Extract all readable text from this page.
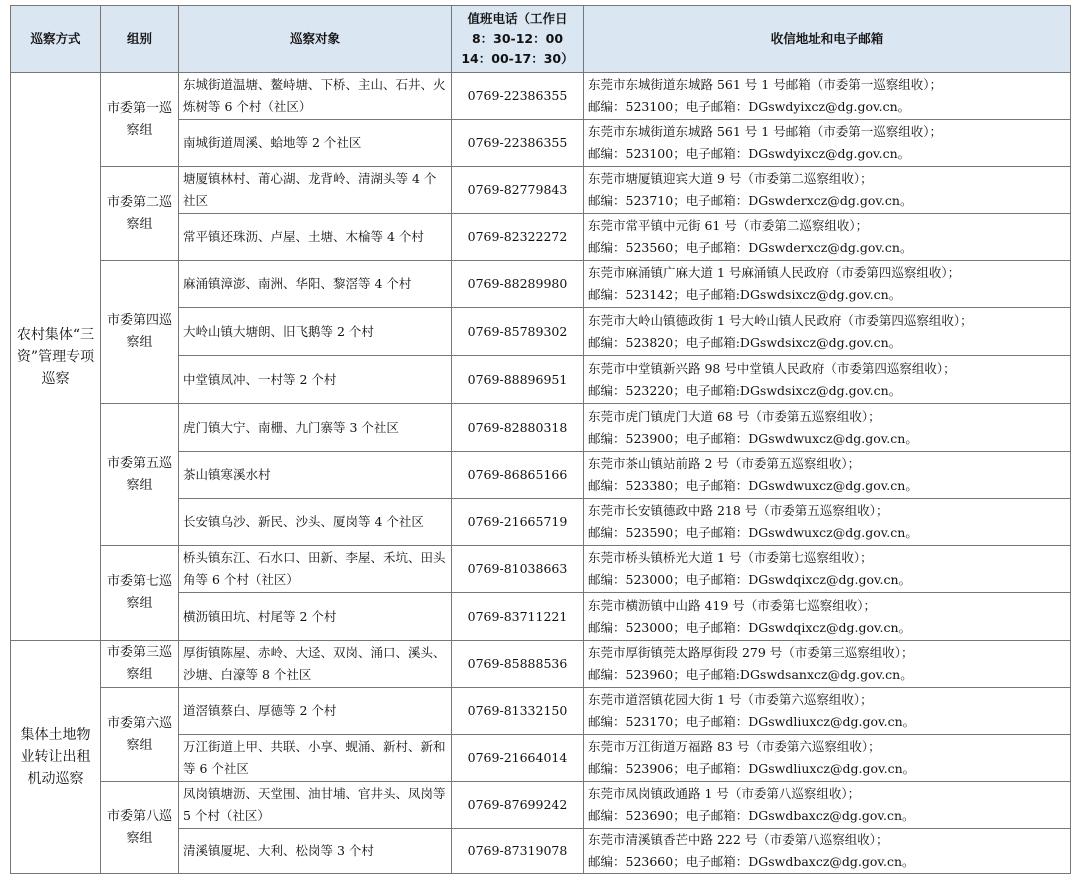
巡察方式	组别	巡察对象	值班电话（工作日 8：30-12：00 14：00-17：30）	收信地址和电子邮箱
农村集体“三资”管理专项巡察	市委第一巡察组	东城街道温塘、鳌峙塘、下桥、主山、石井、火炼树等 6 个村（社区）	0769-22386355	东莞市东城街道东城路 561 号 1 号邮箱（市委第一巡察组收）；
邮编：523100；电子邮箱：DGswdyixcz@dg.gov.cn。

		南城街道周溪、蛤地等 2 个社区	0769-22386355	东莞市东城街道东城路 561 号 1 号邮箱（市委第一巡察组收）；
邮编：523100；电子邮箱：DGswdyixcz@dg.gov.cn。

	市委第二巡察组	塘厦镇林村、莆心湖、龙背岭、清湖头等 4 个社区	0769-82779843	东莞市塘厦镇迎宾大道 9 号（市委第二巡察组收）；
邮编：523710；电子邮箱：DGswderxcz@dg.gov.cn。

		常平镇还珠沥、卢屋、土塘、木棆等 4 个村	0769-82322272	东莞市常平镇中元街 61 号（市委第二巡察组收）；
邮编：523560；电子邮箱：DGswderxcz@dg.gov.cn。

	市委第四巡察组	麻涌镇漳澎、南洲、华阳、黎滘等 4 个村	0769-88289980	东莞市麻涌镇广麻大道 1 号麻涌镇人民政府（市委第四巡察组收）；
邮编：523142；电子邮箱:DGswdsixcz@dg.gov.cn。

		大岭山镇大塘朗、旧飞鹅等 2 个村	0769-85789302	东莞市大岭山镇德政街 1 号大岭山镇人民政府（市委第四巡察组收）；
邮编：523820；电子邮箱:DGswdsixcz@dg.gov.cn。

		中堂镇凤冲、一村等 2 个村	0769-88896951	东莞市中堂镇新兴路 98 号中堂镇人民政府（市委第四巡察组收）；
邮编：523220；电子邮箱:DGswdsixcz@dg.gov.cn。

	市委第五巡察组	虎门镇大宁、南栅、九门寨等 3 个社区	0769-82880318	东莞市虎门镇虎门大道 68 号（市委第五巡察组收）；
邮编：523900；电子邮箱：DGswdwuxcz@dg.gov.cn。

		茶山镇寒溪水村	0769-86865166	东莞市茶山镇站前路 2 号（市委第五巡察组收）；
邮编：523380；电子邮箱：DGswdwuxcz@dg.gov.cn。

		长安镇乌沙、新民、沙头、厦岗等 4 个社区	0769-21665719	东莞市长安镇德政中路 218 号（市委第五巡察组收）；
邮编：523590；电子邮箱：DGswdwuxcz@dg.gov.cn。

	市委第七巡察组	桥头镇东江、石水口、田新、李屋、禾坑、田头角等 6 个村（社区）	0769-81038663	东莞市桥头镇桥光大道 1 号（市委第七巡察组收）；
邮编：523000；电子邮箱：DGswdqixcz@dg.gov.cn。

		横沥镇田坑、村尾等 2 个村	0769-83711221	东莞市横沥镇中山路 419 号（市委第七巡察组收）；
邮编：523000；电子邮箱：DGswdqixcz@dg.gov.cn。

集体土地物业转让出租机动巡察	市委第三巡察组	厚街镇陈屋、赤岭、大迳、双岗、涌口、溪头、沙塘、白濠等 8 个社区	0769-85888536	东莞市厚街镇莞太路厚街段 279 号（市委第三巡察组收）；
邮编：523960；电子邮箱:DGswdsanxcz@dg.gov.cn。

	市委第六巡察组	道滘镇蔡白、厚德等 2 个村	0769-81332150	东莞市道滘镇花园大街 1 号（市委第六巡察组收）；
邮编：523170；电子邮箱：DGswdliuxcz@dg.gov.cn。

		万江街道上甲、共联、小享、蚬涌、新村、新和等 6 个社区	0769-21664014	东莞市万江街道万福路 83 号（市委第六巡察组收）；
邮编：523906；电子邮箱：DGswdliuxcz@dg.gov.cn。

	市委第八巡察组	凤岗镇塘沥、天堂围、油甘埔、官井头、凤岗等 5 个村（社区）	0769-87699242	东莞市凤岗镇政通路 1 号（市委第八巡察组收）；
邮编：523690；电子邮箱：DGswdbaxcz@dg.gov.cn。

		清溪镇厦坭、大利、松岗等 3 个村	0769-87319078	东莞市清溪镇香芒中路 222 号（市委第八巡察组收）；
邮编：523660；电子邮箱：DGswdbaxcz@dg.gov.cn。
